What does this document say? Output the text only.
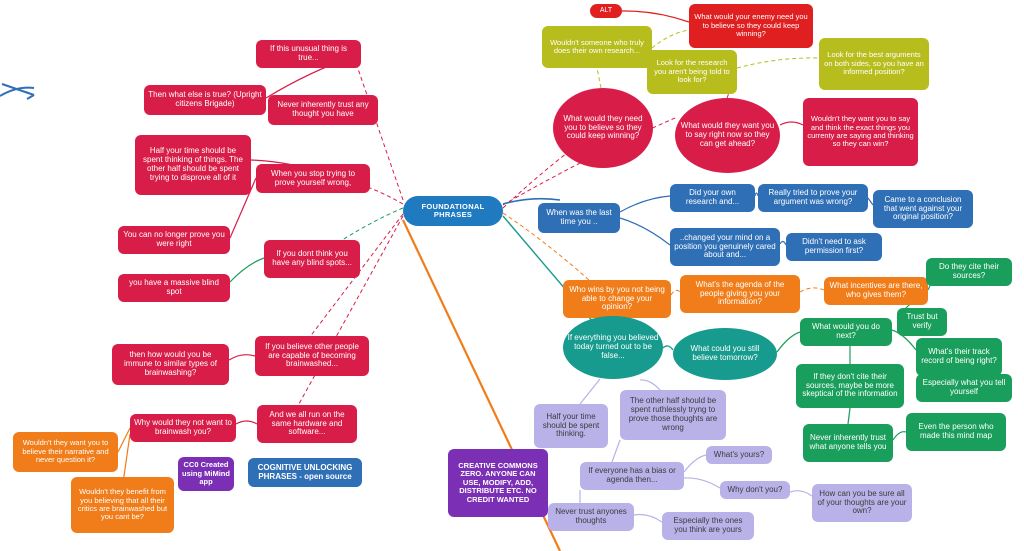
FOUNDATIONAL PHRASES
ALT
What would your enemy need you to believe so they could keep winning?
Look for the best arguments on both sides, so you have an informed position?
Wouldn't someone who truly does their own research...
Look for the research you aren't being told to look for?
What would they need you to believe so they could keep winning?
What would they want you to say right now so they can get ahead?
Wouldn't they want you to say and think the exact things you currenty are saying and thinking so they can win?
If this unusual thing is true...
Then what else is true? (Upright citizens Brigade)	Never inherently trust any thought you have
Half your time should be spent thinking of things. The other half should be spent trying to disprove all of it	When you stop trying to prove yourself wrong,
You can no longer prove you were right
If you dont think you have any blind spots...
you have a massive blind spot
then how would you be immune to similar types of brainwashing?
If you believe other people are capable of becoming brainwashed...
Why would they not want to brainwash you?
And we all run on the same hardware and software...
Wouldn't they want you to believe their narrative and never question it?
Wouldn't they benefit from you believing that all their critics are brainwashed but you cant be?
CC0 Created using MiMind app
COGNITIVE UNLOCKING PHRASES - open source
CREATIVE COMMONS ZERO. ANYONE CAN USE, MODIFY, ADD, DISTRIBUTE ETC. NO CREDIT WANTED
When was the last time you ..
Did your own research and...
Really tried to prove your argument was wrong?	Came to a conclusion that went against your original position?
..changed your mind on a position you genuinely cared about and...
Didn't need to ask permission first?
Who wins by you not being able to change your opinion?
What's the agenda of the people giving you your information?
What incentives are there, who gives them?
Do they cite their sources?
Trust but verify
What would you do next?
What's their track record of being right?
Especially what you tell yourself
If they don't cite their sources, maybe be more skeptical of the information
Never inherently trust what anyone tells you
Even the person who made this mind map
If everything you believed today turned out to be false...
What could you still believe tomorrow?
Half your time should be spent thinking.
The other half should be spent ruthlessly tryng to prove those thoughts are wrong
If everyone has a bias or agenda then...
What's yours?
Why don't you?	How can you be sure all of your thoughts are your own?
Never trust anyones thoughts	Especially the ones you think are yours
